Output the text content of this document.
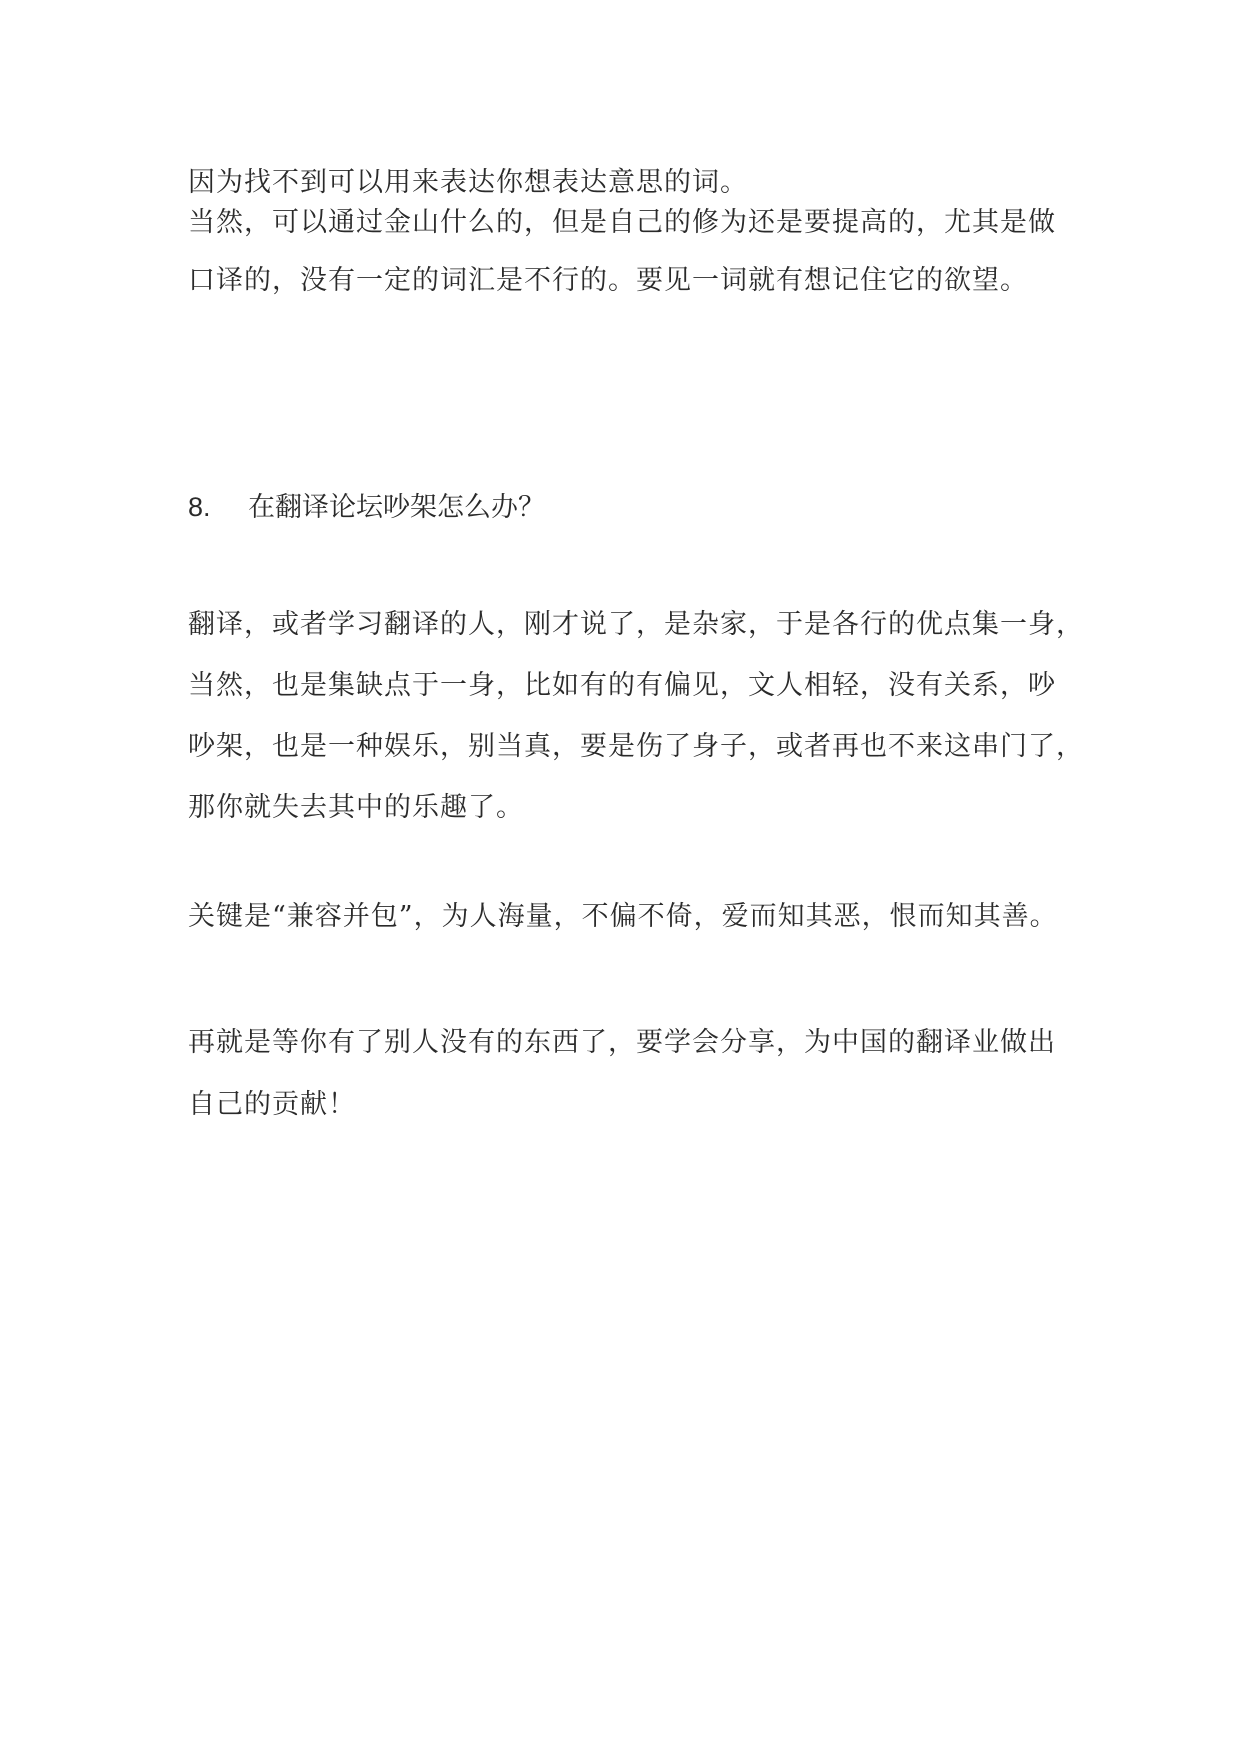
因为找不到可以用来表达你想表达意思的词。
当然，可以通过金山什么的，但是自己的修为还是要提高的，尤其是做
口译的，没有一定的词汇是不行的。要见一词就有想记住它的欲望。
8. 在翻译论坛吵架怎么办？
翻译，或者学习翻译的人，刚才说了，是杂家，于是各行的优点集一身，
当然，也是集缺点于一身，比如有的有偏见，文人相轻，没有关系，吵
吵架，也是一种娱乐，别当真，要是伤了身子，或者再也不来这串门了，
那你就失去其中的乐趣了。
关键是“兼容并包”，为人海量，不偏不倚，爱而知其恶，恨而知其善。
再就是等你有了别人没有的东西了，要学会分享，为中国的翻译业做出
自己的贡献！
